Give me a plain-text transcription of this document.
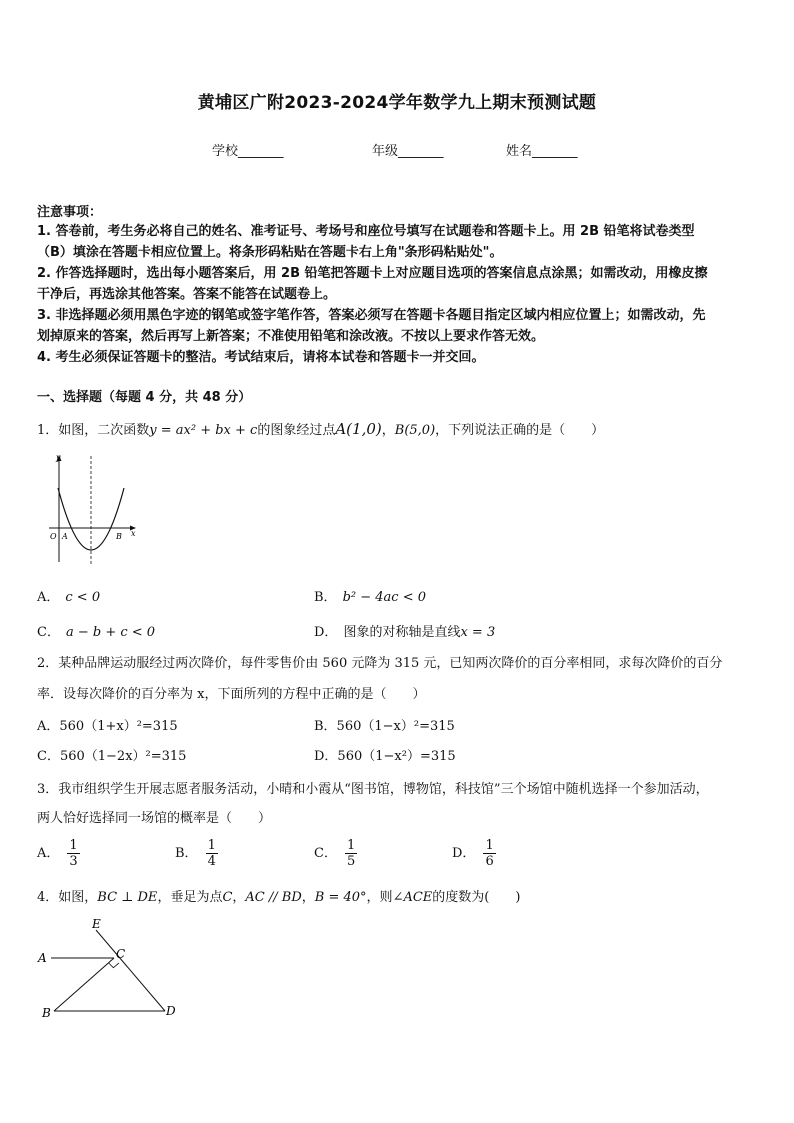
黄埔区广附2023-2024学年数学九上期末预测试题
学校_______	年级_______	姓名_______
注意事项：
1. 答卷前，考生务必将自己的姓名、准考证号、考场号和座位号填写在试题卷和答题卡上。用 2B 铅笔将试卷类型
（B）填涂在答题卡相应位置上。将条形码粘贴在答题卡右上角"条形码粘贴处"。
2. 作答选择题时，选出每小题答案后，用 2B 铅笔把答题卡上对应题目选项的答案信息点涂黑；如需改动，用橡皮擦
干净后，再选涂其他答案。答案不能答在试题卷上。
3. 非选择题必须用黑色字迹的钢笔或签字笔作答，答案必须写在答题卡各题目指定区域内相应位置上；如需改动，先
划掉原来的答案，然后再写上新答案；不准使用铅笔和涂改液。不按以上要求作答无效。
4. 考生必须保证答题卡的整洁。考试结束后，请将本试卷和答题卡一并交回。
一、选择题（每题 4 分，共 48 分）
1．如图，二次函数y = ax² + bx + c的图象经过点A(1,0)，B(5,0)，下列说法正确的是（　　）
y
x
O A	B
A． c < 0	B． b² − 4ac < 0
C． a − b + c < 0	D． 图象的对称轴是直线x = 3
2．某种品牌运动服经过两次降价，每件零售价由 560 元降为 315 元，已知两次降价的百分率相同，求每次降价的百分
率．设每次降价的百分率为 x，下面所列的方程中正确的是（　　）
A．560（1+x）²=315	B．560（1−x）²=315
C．560（1−2x）²=315	D．560（1−x²）=315
3．我市组织学生开展志愿者服务活动，小晴和小霞从“图书馆，博物馆，科技馆”三个场馆中随机选择一个参加活动，
两人恰好选择同一场馆的概率是（　　）
A． $\frac{1}{3}$	B． $\frac{1}{4}$	C． $\frac{1}{5}$	D． $\frac{1}{6}$
4．如图，BC ⊥ DE，垂足为点C，AC // BD，B = 40°，则∠ACE的度数为(　　)
E
C
A
B	D
